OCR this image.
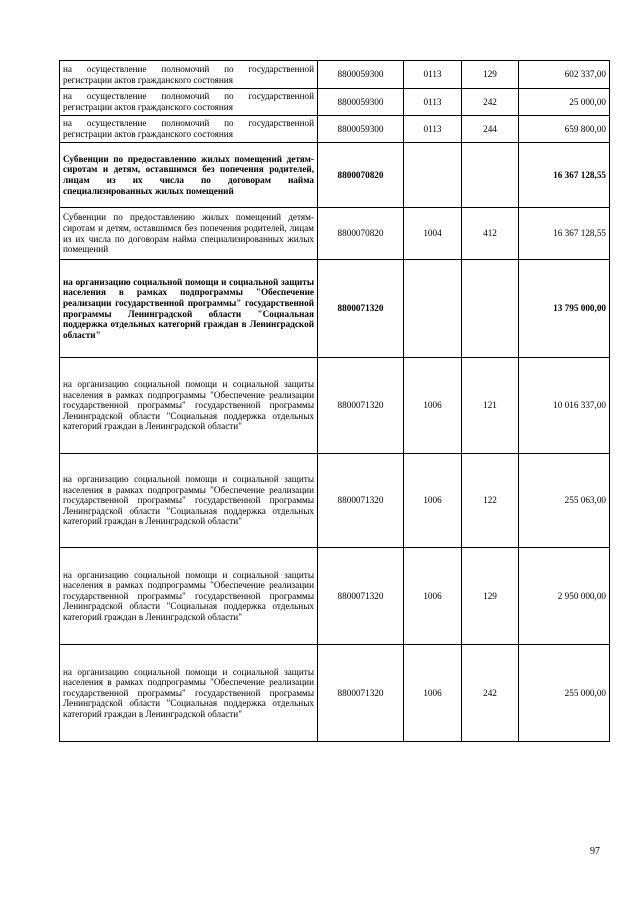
на осуществление полномочий по государственной регистрации актов гражданского состояния	8800059300	0113	129	602 337,00
на осуществление полномочий по государственной регистрации актов гражданского состояния	8800059300	0113	242	25 000,00
на осуществление полномочий по государственной регистрации актов гражданского состояния	8800059300	0113	244	659 800,00
Субвенции по предоставлению жилых помещений детям-сиротам и детям, оставшимся без попечения родителей, лицам из их числа по договорам найма специализированных жилых помещений	8800070820			16 367 128,55
Субвенции по предоставлению жилых помещений детям-сиротам и детям, оставшимся без попечения родителей, лицам из их числа по договорам найма специализированных жилых помещений	8800070820	1004	412	16 367 128,55
на организацию социальной помощи и социальной защиты населения в рамках подпрограммы "Обеспечение реализации государственной программы" государственной программы Ленинградской области "Социальная поддержка отдельных категорий граждан в Ленинградской области"	8800071320			13 795 000,00
на организацию социальной помощи и социальной защиты населения в рамках подпрограммы "Обеспечение реализации государственной программы" государственной программы Ленинградской области "Социальная поддержка отдельных категорий граждан в Ленинградской области"	8800071320	1006	121	10 016 337,00
на организацию социальной помощи и социальной защиты населения в рамках подпрограммы "Обеспечение реализации государственной программы" государственной программы Ленинградской области "Социальная поддержка отдельных категорий граждан в Ленинградской области"	8800071320	1006	122	255 063,00
на организацию социальной помощи и социальной защиты населения в рамках подпрограммы "Обеспечение реализации государственной программы" государственной программы Ленинградской области "Социальная поддержка отдельных категорий граждан в Ленинградской области"	8800071320	1006	129	2 950 000,00
на организацию социальной помощи и социальной защиты населения в рамках подпрограммы "Обеспечение реализации государственной программы" государственной программы Ленинградской области "Социальная поддержка отдельных категорий граждан в Ленинградской области"	8800071320	1006	242	255 000,00
97
